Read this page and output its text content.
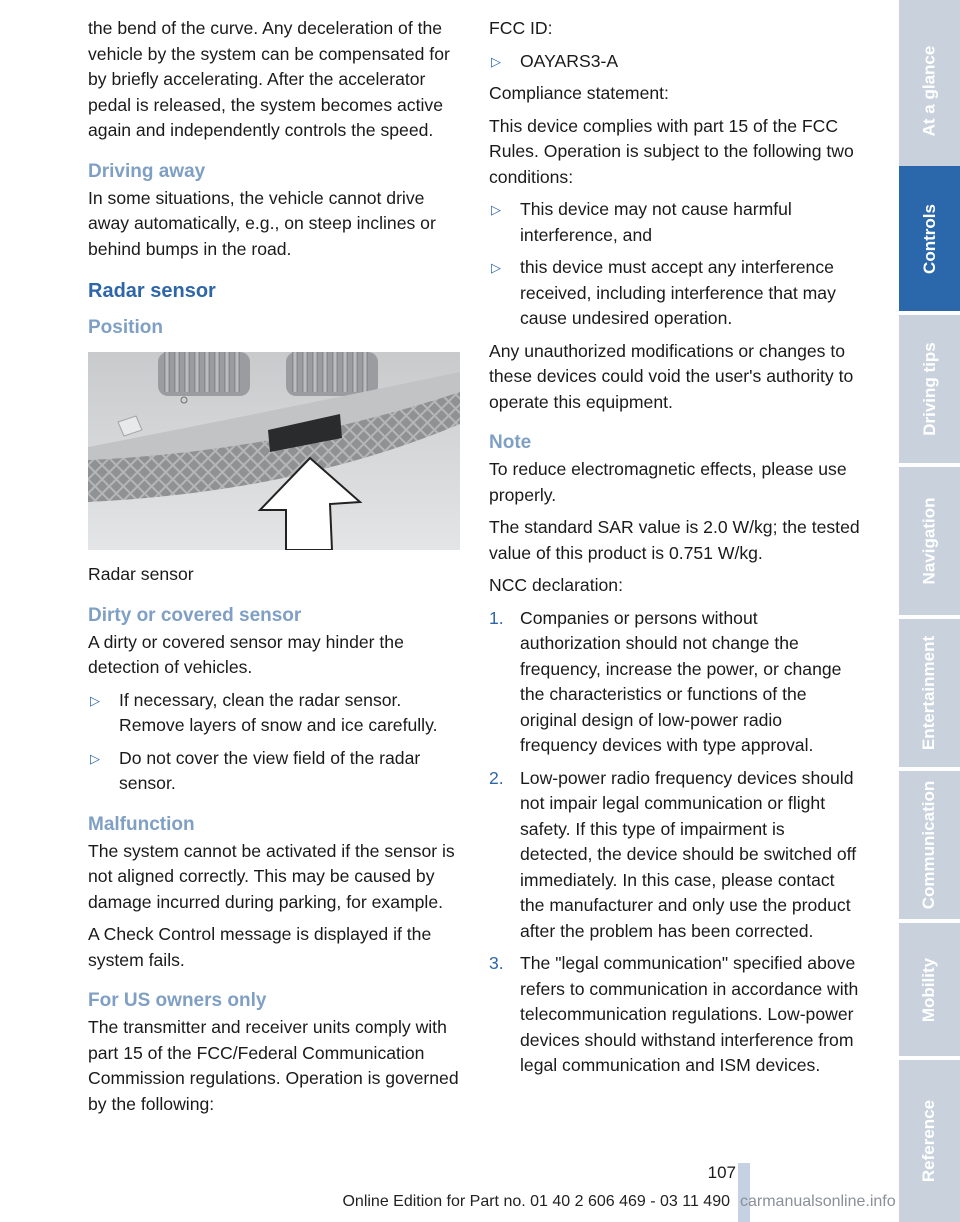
the bend of the curve. Any deceleration of the vehicle by the system can be compensated for by briefly accelerating. After the accelerator pedal is released, the system becomes active again and independently controls the speed.

Driving away

In some situations, the vehicle cannot drive away automatically, e.g., on steep inclines or behind bumps in the road.

Radar sensor
Position

Radar sensor

Dirty or covered sensor

A dirty or covered sensor may hinder the detection of vehicles.

▷ If necessary, clean the radar sensor. Remove layers of snow and ice carefully.
▷ Do not cover the view field of the radar sensor.
Malfunction

The system cannot be activated if the sensor is not aligned correctly. This may be caused by damage incurred during parking, for example.

A Check Control message is displayed if the system fails.

For US owners only

The transmitter and receiver units comply with part 15 of the FCC/Federal Communication Commission regulations. Operation is governed by the following:

FCC ID:

▷ OAYARS3-A

Compliance statement:

This device complies with part 15 of the FCC Rules. Operation is subject to the following two conditions:

▷ This device may not cause harmful interference, and
▷ this device must accept any interference received, including interference that may cause undesired operation.

Any unauthorized modifications or changes to these devices could void the user's authority to operate this equipment.

Note

To reduce electromagnetic effects, please use properly.

The standard SAR value is 2.0 W/kg; the tested value of this product is 0.751 W/kg.

NCC declaration:

1. Companies or persons without authorization should not change the frequency, increase the power, or change the characteristics or functions of the original design of low-power radio frequency devices with type approval.
2. Low-power radio frequency devices should not impair legal communication or flight safety. If this type of impairment is detected, the device should be switched off immediately. In this case, please contact the manufacturer and only use the product after the problem has been corrected.
3. The "legal communication" specified above refers to communication in accordance with telecommunication regulations. Low-power devices should withstand interference from legal communication and ISM devices.
At a glance
Controls
Driving tips
Navigation
Entertainment
Communication
Mobility
Reference
107
Online Edition for Part no. 01 40 2 606 469 - 03 11 490 carmanualsonline.info
